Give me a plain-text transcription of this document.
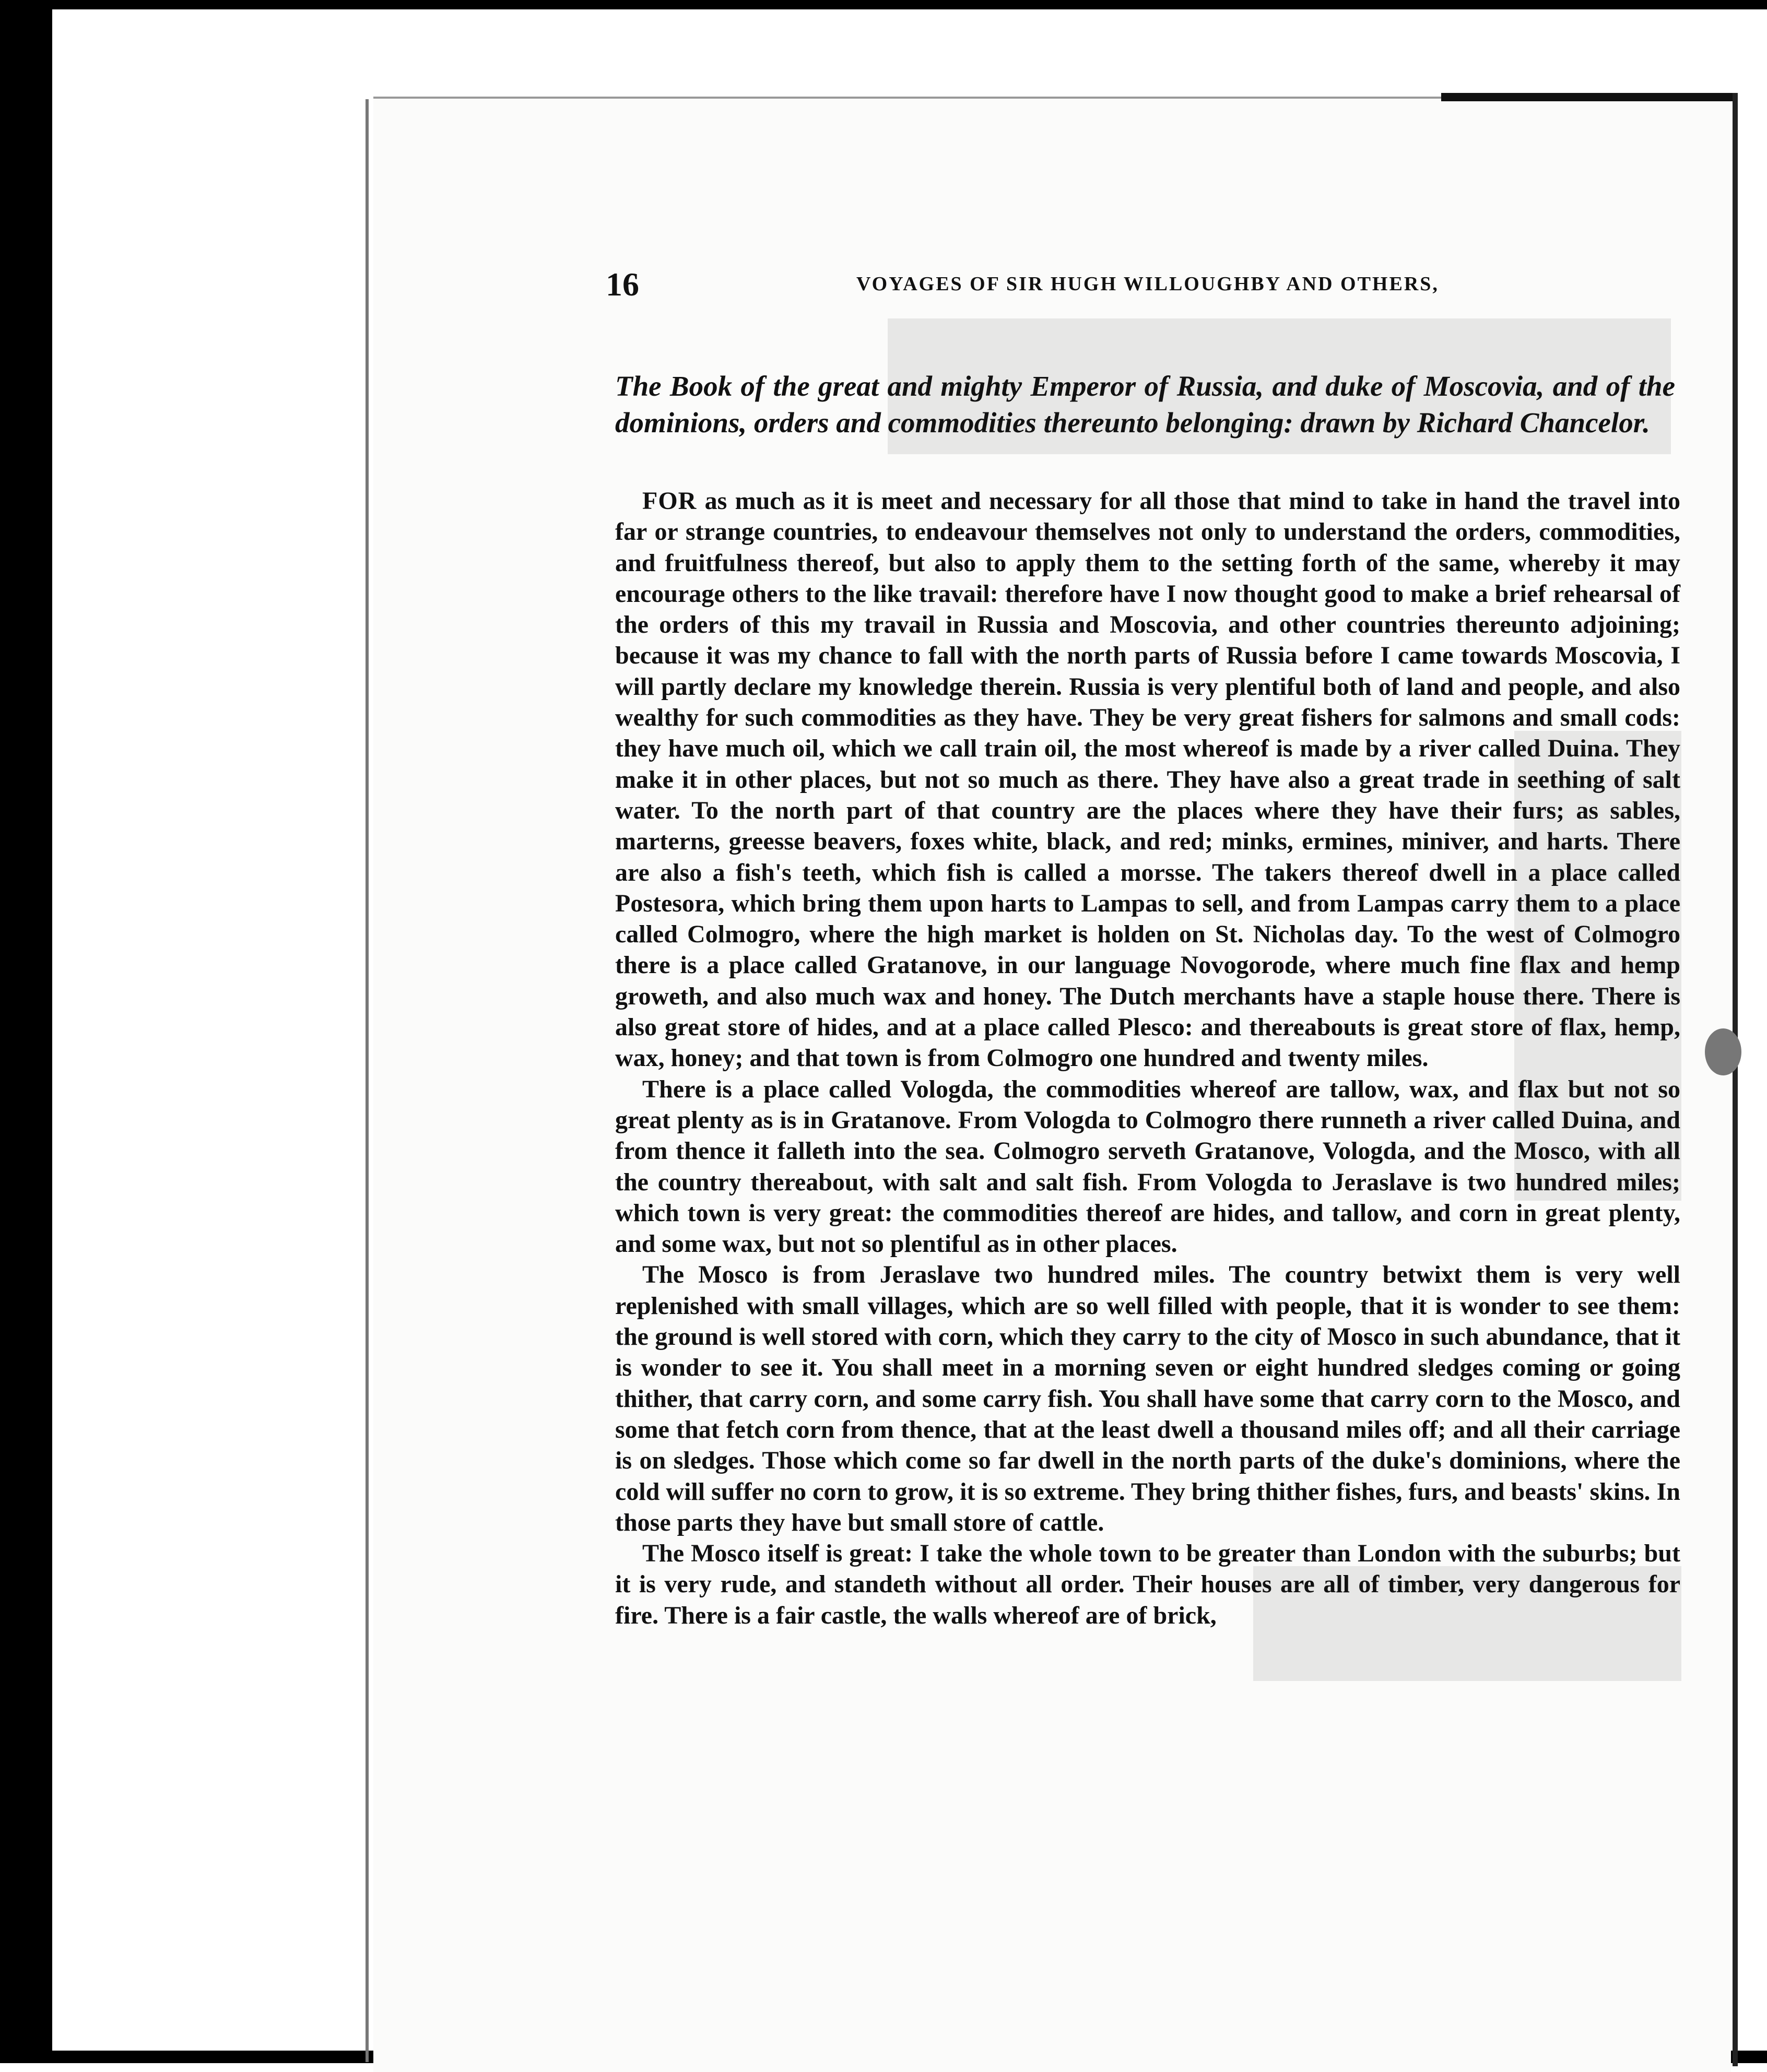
16	VOYAGES OF SIR HUGH WILLOUGHBY AND OTHERS,
The Book of the great and mighty Emperor of Russia, and duke of Moscovia, and of the dominions, orders and commodities thereunto belonging: drawn by Richard Chancelor.

FOR as much as it is meet and necessary for all those that mind to take in hand the travel into far or strange countries, to endeavour themselves not only to understand the orders, commodities, and fruitfulness thereof, but also to apply them to the setting forth of the same, whereby it may encourage others to the like travail: therefore have I now thought good to make a brief rehearsal of the orders of this my travail in Russia and Moscovia, and other countries thereunto adjoining; because it was my chance to fall with the north parts of Russia before I came towards Moscovia, I will partly declare my knowledge therein. Russia is very plentiful both of land and people, and also wealthy for such commodities as they have. They be very great fishers for salmons and small cods: they have much oil, which we call train oil, the most whereof is made by a river called Duina. They make it in other places, but not so much as there. They have also a great trade in seething of salt water. To the north part of that country are the places where they have their furs; as sables, marterns, greesse beavers, foxes white, black, and red; minks, ermines, miniver, and harts. There are also a fish's teeth, which fish is called a morsse. The takers thereof dwell in a place called Postesora, which bring them upon harts to Lampas to sell, and from Lampas carry them to a place called Colmogro, where the high market is holden on St. Nicholas day. To the west of Colmogro there is a place called Gratanove, in our language Novogorode, where much fine flax and hemp groweth, and also much wax and honey. The Dutch merchants have a staple house there. There is also great store of hides, and at a place called Plesco: and thereabouts is great store of flax, hemp, wax, honey; and that town is from Colmogro one hundred and twenty miles.

There is a place called Vologda, the commodities whereof are tallow, wax, and flax but not so great plenty as is in Gratanove. From Vologda to Colmogro there runneth a river called Duina, and from thence it falleth into the sea. Colmogro serveth Gratanove, Vologda, and the Mosco, with all the country thereabout, with salt and salt fish. From Vologda to Jeraslave is two hundred miles; which town is very great: the commodities thereof are hides, and tallow, and corn in great plenty, and some wax, but not so plentiful as in other places.

The Mosco is from Jeraslave two hundred miles. The country betwixt them is very well replenished with small villages, which are so well filled with people, that it is wonder to see them: the ground is well stored with corn, which they carry to the city of Mosco in such abundance, that it is wonder to see it. You shall meet in a morning seven or eight hundred sledges coming or going thither, that carry corn, and some carry fish. You shall have some that carry corn to the Mosco, and some that fetch corn from thence, that at the least dwell a thousand miles off; and all their carriage is on sledges. Those which come so far dwell in the north parts of the duke's dominions, where the cold will suffer no corn to grow, it is so extreme. They bring thither fishes, furs, and beasts' skins. In those parts they have but small store of cattle.

The Mosco itself is great: I take the whole town to be greater than London with the suburbs; but it is very rude, and standeth without all order. Their houses are all of timber, very dangerous for fire. There is a fair castle, the walls whereof are of brick,
